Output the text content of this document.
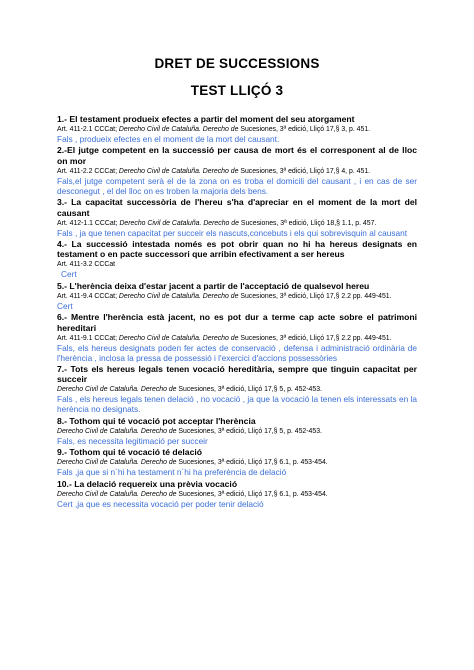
DRET DE SUCCESSIONS
TEST LLIÇÓ 3
1.- El testament produeix efectes a partir del moment del seu atorgament
Art. 411-2.1 CCCat; Derecho Civil de Cataluña. Derecho de Sucesiones, 3ª edició, Lliçó 17,§ 3, p. 451.
Fals , produeix efectes en el moment de la mort del causant.
2.-El jutge competent en la successió per causa de mort és el corresponent al de lloc on mor
Art. 411-2.2 CCCat; Derecho Civil de Cataluña. Derecho de Sucesiones, 3ª edició, Lliçó 17,§ 4, p. 451.
Fals,el jutge competent serà el de la zona on es troba el domicili del causant , i en cas de ser desconegut , el del lloc on es troben la majoria dels bens.
3.- La capacitat successòria de l'hereu s'ha d'apreciar en el moment de la mort del causant
Art. 412-1.1 CCCat; Derecho Civil de Cataluña. Derecho de Sucesiones, 3ª edició, Lliçó 18,§ 1.1, p. 457.
Fals , ja que tenen capacitat per succeir els nascuts,concebuts i els qui sobrevisquin al causant
4.- La successió intestada només es pot obrir quan no hi ha hereus designats en testament o en pacte successori que arribin efectivament a ser hereus
Art. 411-3.2 CCCat
Cert
5.- L'herència deixa d'estar jacent a partir de l'acceptació de qualsevol hereu
Art. 411-9.4 CCCat; Derecho Civil de Cataluña. Derecho de Sucesiones, 3ª edició, Lliçó 17,§ 2.2 pp. 449-451.
Cert
6.- Mentre l'herència està jacent, no es pot dur a terme cap acte sobre el patrimoni hereditari
Art. 411-9.1 CCCat; Derecho Civil de Cataluña. Derecho de Sucesiones, 3ª edició, Lliçó 17,§ 2.2 pp. 449-451.
Fals, els hereus designats poden fer actes de conservació , defensa i administració ordinària de l'herència , inclosa la pressa de possessió i l'exercici d'accions possessòries
7.- Tots els hereus legals tenen vocació hereditària, sempre que tinguin capacitat per succeir
Derecho Civil de Cataluña. Derecho de Sucesiones, 3ª edició, Lliçó 17,§ 5, p. 452-453.
Fals , els hereus legals tenen delació , no vocació , ja que la vocació la tenen els interessats en la herència no designats.
8.- Tothom qui té vocació pot acceptar l'herència
Derecho Civil de Cataluña. Derecho de Sucesiones, 3ª edició, Lliçó 17,§ 5, p. 452-453.
Fals, es necessita legitimació per succeir
9.- Tothom qui té vocació té delació
Derecho Civil de Cataluña. Derecho de Sucesiones, 3ª edició, Lliçó 17,§ 6.1, p. 453-454.
Fals ,ja que si n´hi ha testament n´hi ha preferència de delació
10.- La delació requereix una prèvia vocació
Derecho Civil de Cataluña. Derecho de Sucesiones, 3ª edició, Lliçó 17,§ 6.1, p. 453-454.
Cert ,ja que es necessita vocació per poder tenir delació
